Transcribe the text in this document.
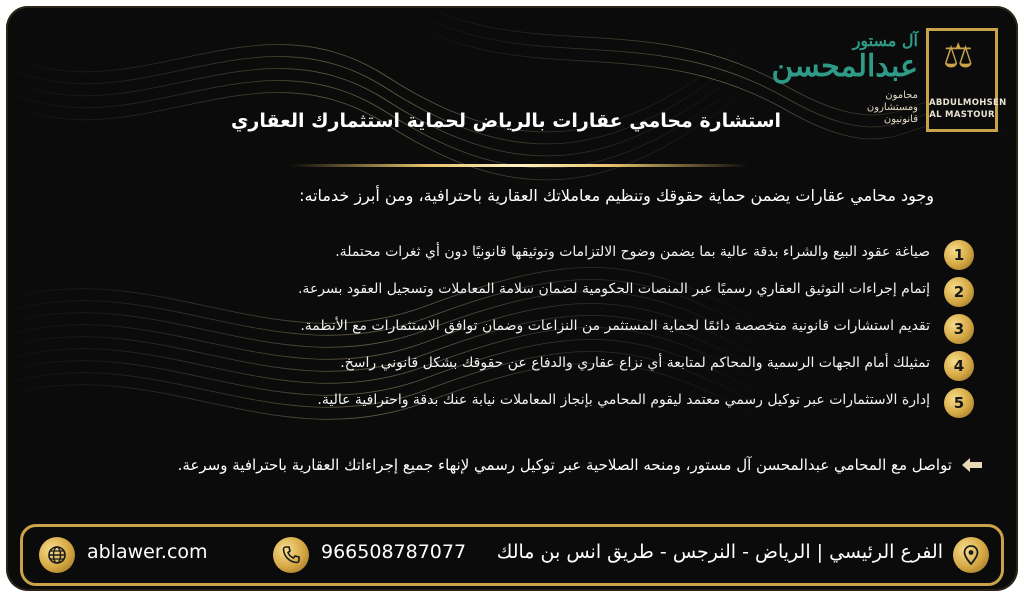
آل مستور
عبدالمحسن
محامون ومستشارون قانونيون
⚖
ABDULMOHSEN
AL MASTOUR
استشارة محامي عقارات بالرياض لحماية استثمارك العقاري
وجود محامي عقارات يضمن حماية حقوقك وتنظيم معاملاتك العقارية باحترافية، ومن أبرز خدماته:
1
صياغة عقود البيع والشراء بدقة عالية بما يضمن وضوح الالتزامات وتوثيقها قانونيًا دون أي ثغرات محتملة.
2
إتمام إجراءات التوثيق العقاري رسميًا عبر المنصات الحكومية لضمان سلامة المعاملات وتسجيل العقود بسرعة.
3
تقديم استشارات قانونية متخصصة دائمًا لحماية المستثمر من النزاعات وضمان توافق الاستثمارات مع الأنظمة.
4
تمثيلك أمام الجهات الرسمية والمحاكم لمتابعة أي نزاع عقاري والدفاع عن حقوقك بشكل قانوني راسخ.
5
إدارة الاستثمارات عبر توكيل رسمي معتمد ليقوم المحامي بإنجاز المعاملات نيابة عنك بدقة واحترافية عالية.
تواصل مع المحامي عبدالمحسن آل مستور، ومنحه الصلاحية عبر توكيل رسمي لإنهاء جميع إجراءاتك العقارية باحترافية وسرعة.
الفرع الرئيسي | الرياض - النرجس - طريق انس بن مالك
966508787077
ablawer.com
